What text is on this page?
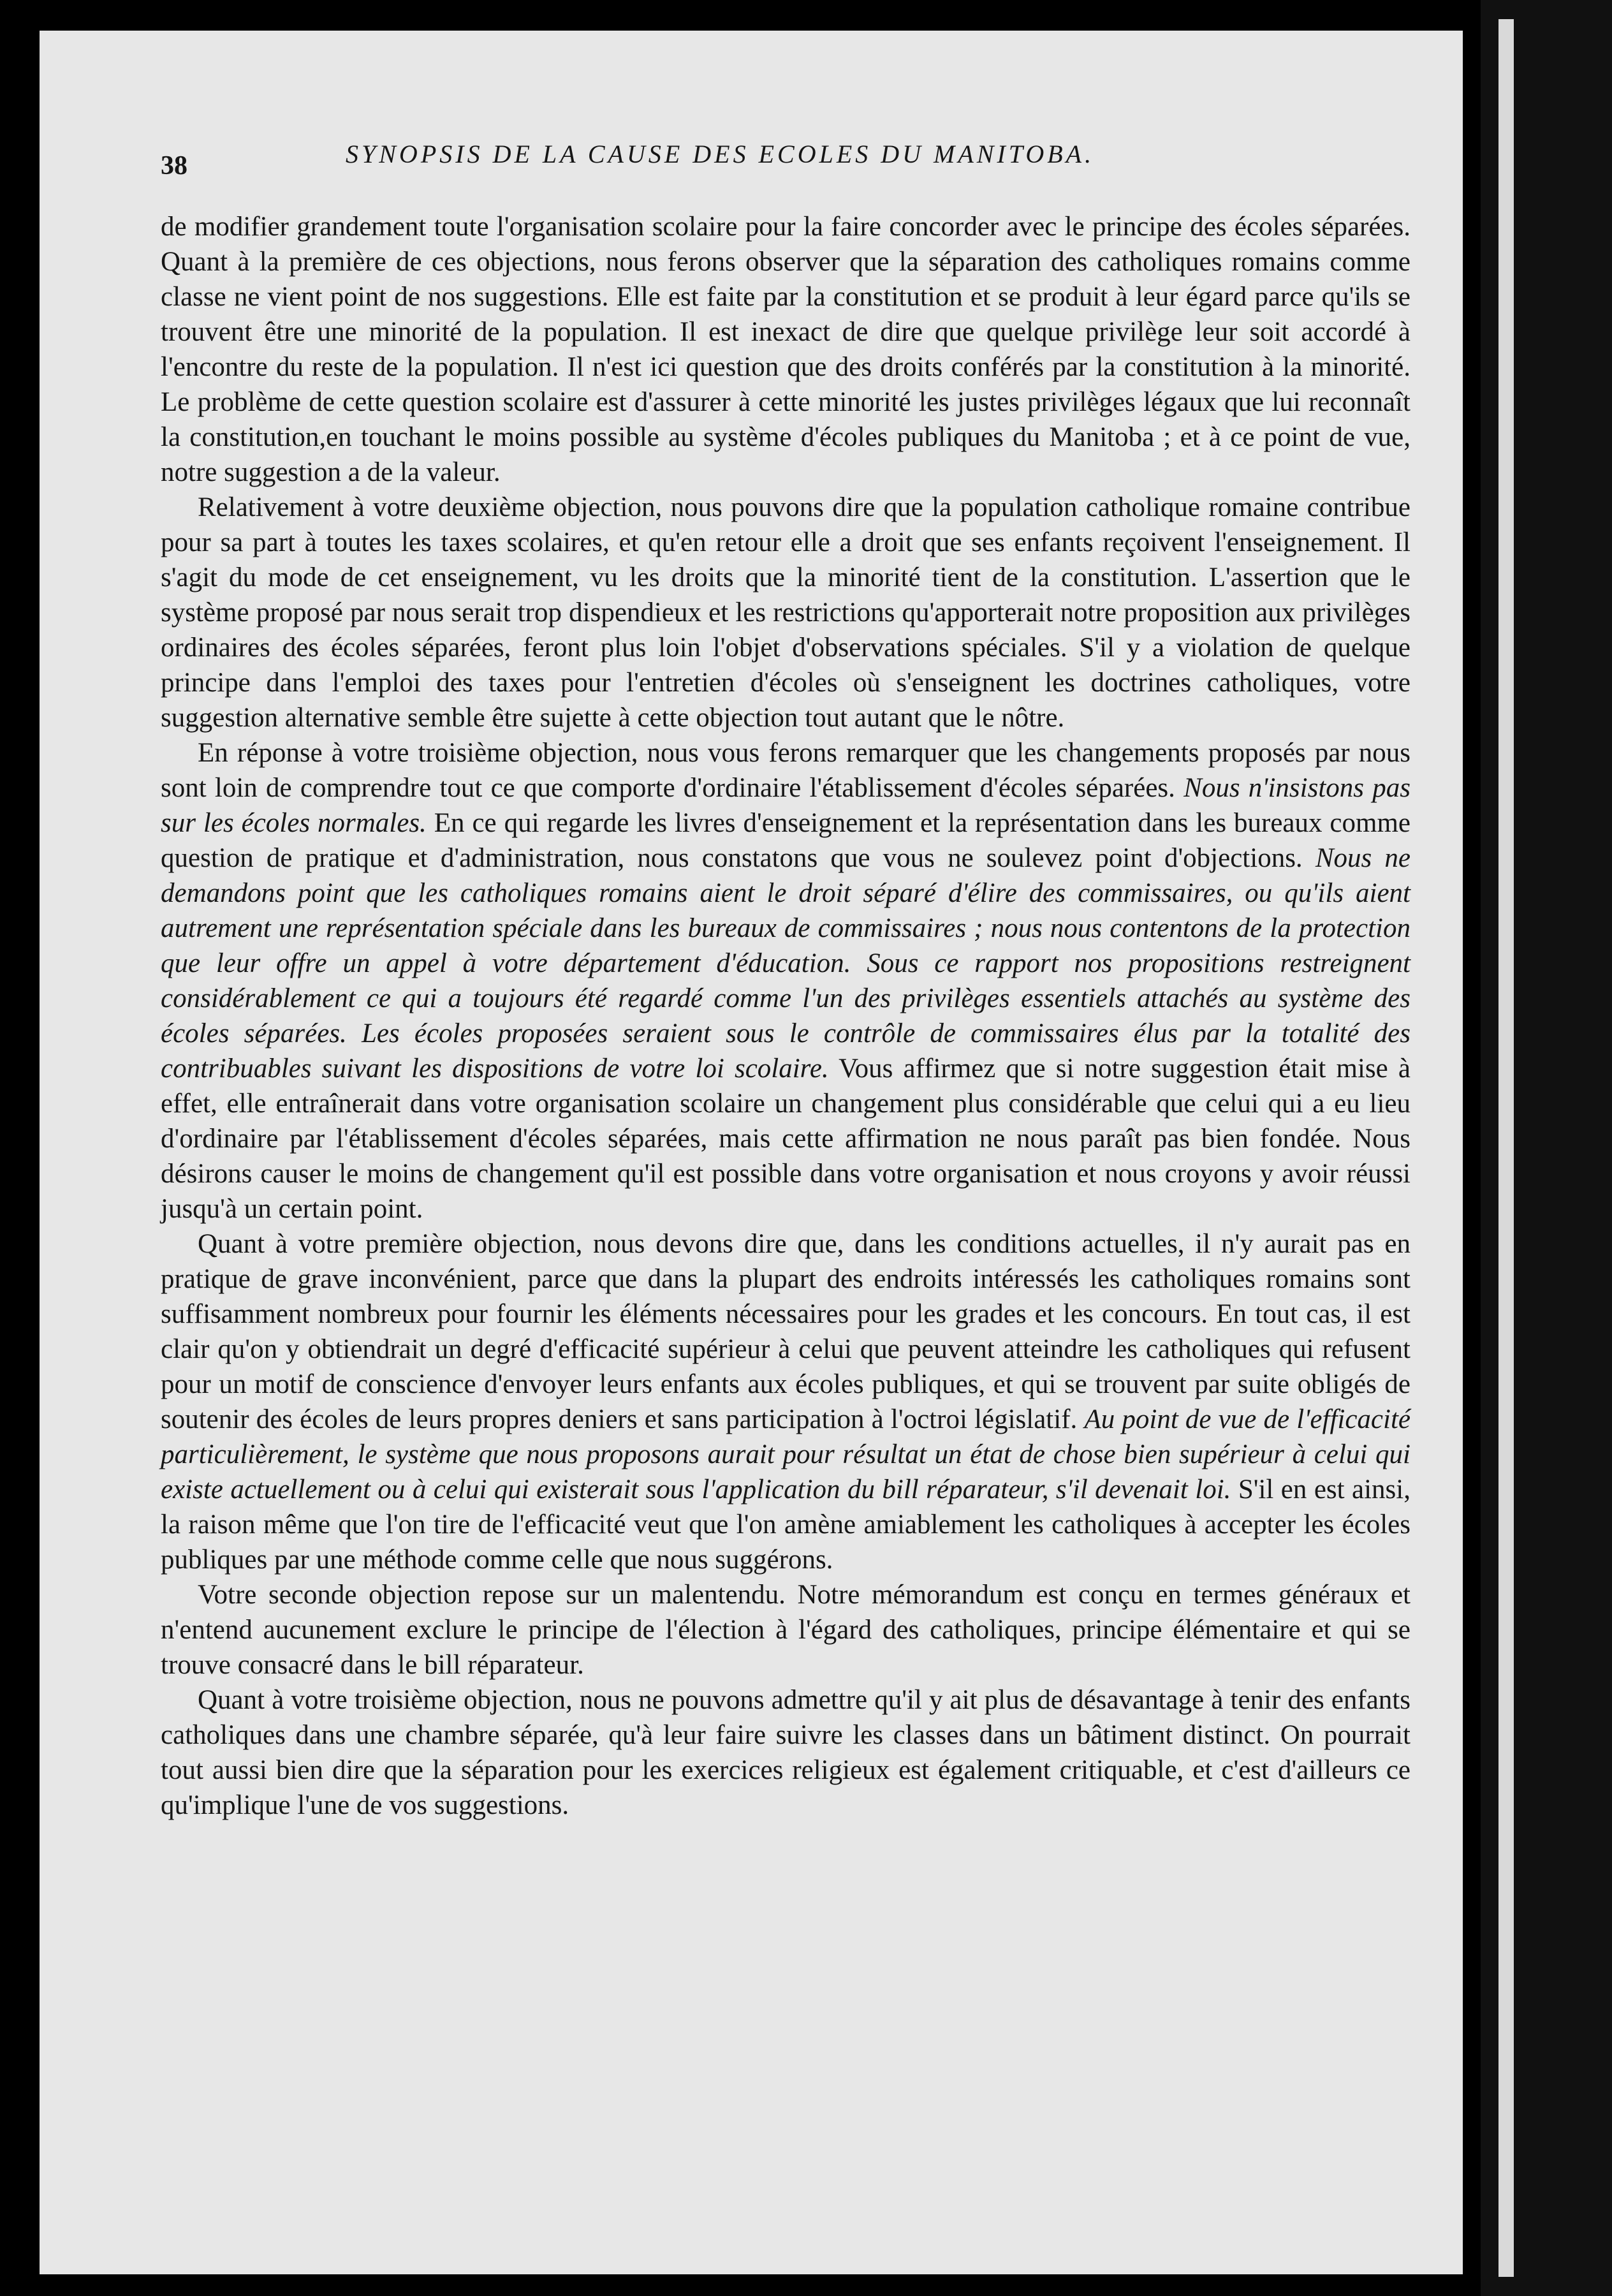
38	SYNOPSIS DE LA CAUSE DES ECOLES DU MANITOBA.

de modifier grandement toute l'organisation scolaire pour la faire concorder avec le principe des écoles séparées. Quant à la première de ces objections, nous ferons observer que la séparation des catholiques romains comme classe ne vient point de nos suggestions. Elle est faite par la constitution et se produit à leur égard parce qu'ils se trouvent être une minorité de la population. Il est inexact de dire que quelque privilège leur soit accordé à l'encontre du reste de la population. Il n'est ici question que des droits conférés par la constitution à la minorité. Le problème de cette question scolaire est d'assurer à cette minorité les justes privilèges légaux que lui reconnaît la constitution,en touchant le moins possible au système d'écoles publiques du Manitoba ; et à ce point de vue, notre suggestion a de la valeur.

Relativement à votre deuxième objection, nous pouvons dire que la population catholique romaine contribue pour sa part à toutes les taxes scolaires, et qu'en retour elle a droit que ses enfants reçoivent l'enseignement. Il s'agit du mode de cet enseignement, vu les droits que la minorité tient de la constitution. L'assertion que le système proposé par nous serait trop dispendieux et les restrictions qu'apporterait notre proposition aux privilèges ordinaires des écoles séparées, feront plus loin l'objet d'observations spéciales. S'il y a violation de quelque principe dans l'emploi des taxes pour l'entretien d'écoles où s'enseignent les doctrines catholiques, votre suggestion alternative semble être sujette à cette objection tout autant que le nôtre.

En réponse à votre troisième objection, nous vous ferons remarquer que les changements proposés par nous sont loin de comprendre tout ce que comporte d'ordinaire l'établissement d'écoles séparées. Nous n'insistons pas sur les écoles normales. En ce qui regarde les livres d'enseignement et la représentation dans les bureaux comme question de pratique et d'administration, nous constatons que vous ne soulevez point d'objections. Nous ne demandons point que les catholiques romains aient le droit séparé d'élire des commissaires, ou qu'ils aient autrement une représentation spéciale dans les bureaux de commissaires ; nous nous contentons de la protection que leur offre un appel à votre département d'éducation. Sous ce rapport nos propositions restreignent considérablement ce qui a toujours été regardé comme l'un des privilèges essentiels attachés au système des écoles séparées. Les écoles proposées seraient sous le contrôle de commissaires élus par la totalité des contribuables suivant les dispositions de votre loi scolaire. Vous affirmez que si notre suggestion était mise à effet, elle entraînerait dans votre organisation scolaire un changement plus considérable que celui qui a eu lieu d'ordinaire par l'établissement d'écoles séparées, mais cette affirmation ne nous paraît pas bien fondée. Nous désirons causer le moins de changement qu'il est possible dans votre organisation et nous croyons y avoir réussi jusqu'à un certain point.

Quant à votre première objection, nous devons dire que, dans les conditions actuelles, il n'y aurait pas en pratique de grave inconvénient, parce que dans la plupart des endroits intéressés les catholiques romains sont suffisamment nombreux pour fournir les éléments nécessaires pour les grades et les concours. En tout cas, il est clair qu'on y obtiendrait un degré d'efficacité supérieur à celui que peuvent atteindre les catholiques qui refusent pour un motif de conscience d'envoyer leurs enfants aux écoles publiques, et qui se trouvent par suite obligés de soutenir des écoles de leurs propres deniers et sans participation à l'octroi législatif. Au point de vue de l'efficacité particulièrement, le système que nous proposons aurait pour résultat un état de chose bien supérieur à celui qui existe actuellement ou à celui qui existerait sous l'application du bill réparateur, s'il devenait loi. S'il en est ainsi, la raison même que l'on tire de l'efficacité veut que l'on amène amiablement les catholiques à accepter les écoles publiques par une méthode comme celle que nous suggérons.

Votre seconde objection repose sur un malentendu. Notre mémorandum est conçu en termes généraux et n'entend aucunement exclure le principe de l'élection à l'égard des catholiques, principe élémentaire et qui se trouve consacré dans le bill réparateur.

Quant à votre troisième objection, nous ne pouvons admettre qu'il y ait plus de désavantage à tenir des enfants catholiques dans une chambre séparée, qu'à leur faire suivre les classes dans un bâtiment distinct. On pourrait tout aussi bien dire que la séparation pour les exercices religieux est également critiquable, et c'est d'ailleurs ce qu'implique l'une de vos suggestions.
